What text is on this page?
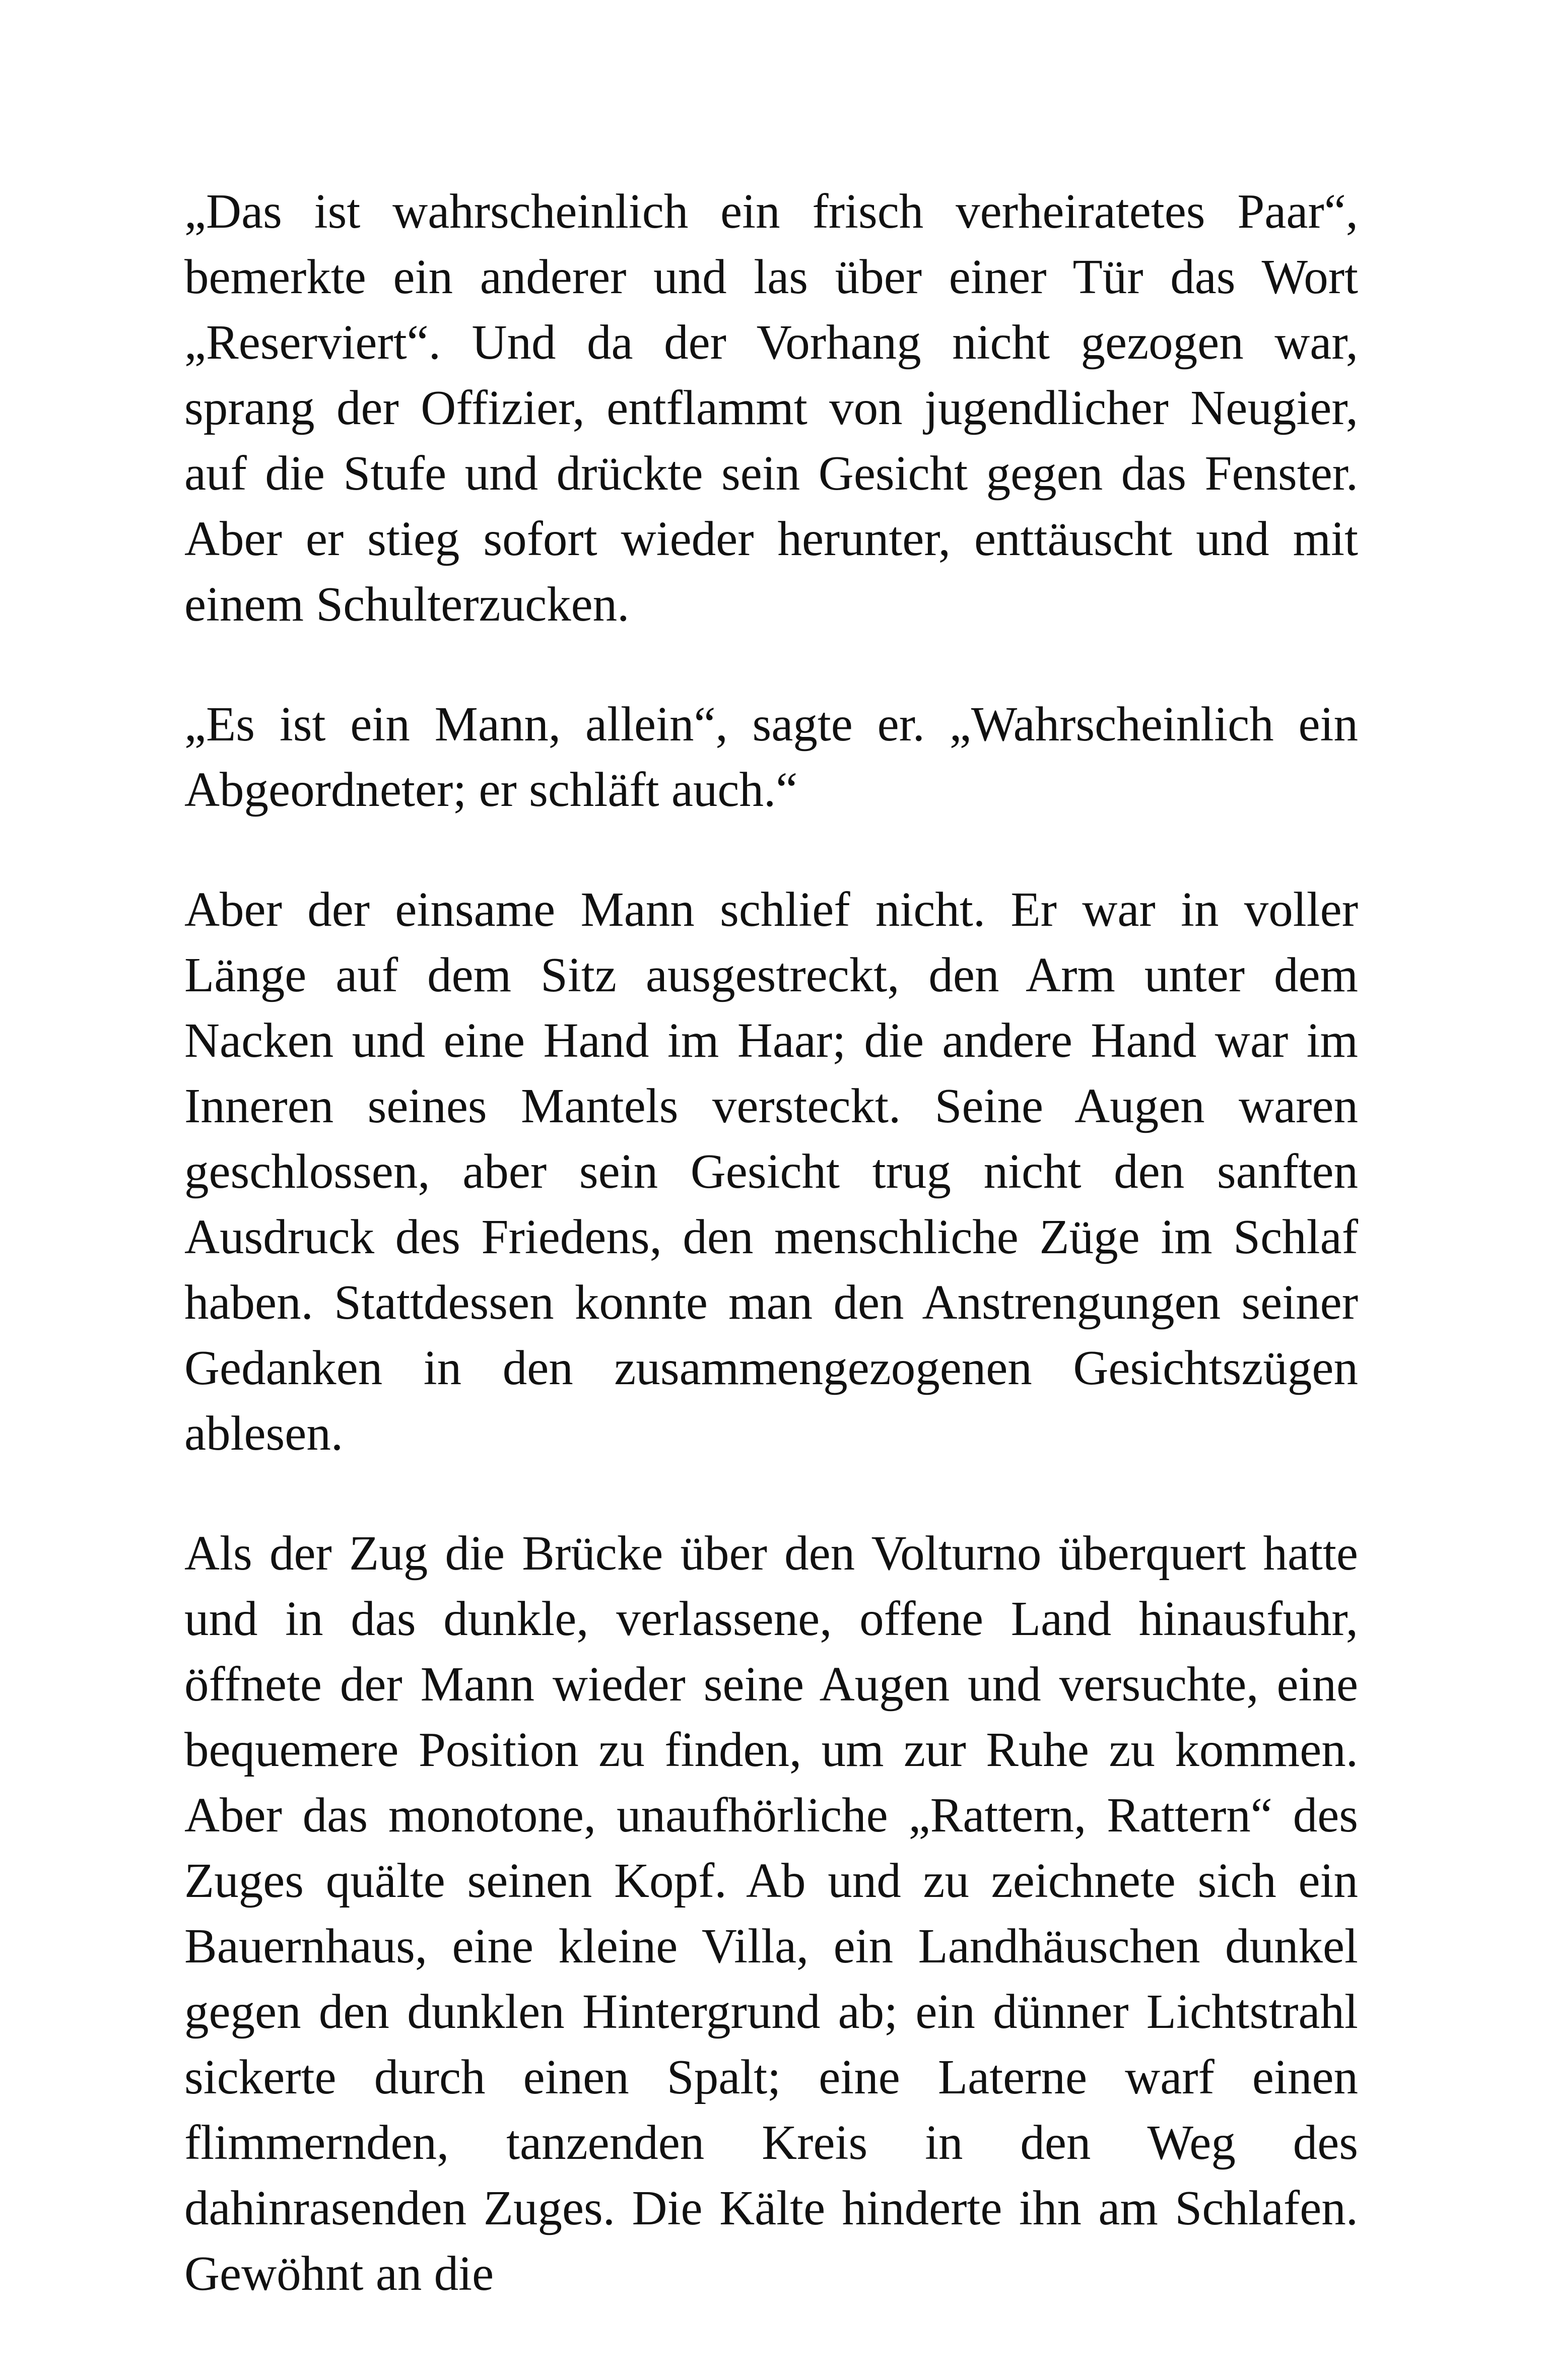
„Das ist wahrscheinlich ein frisch verheiratetes Paar“, bemerkte ein anderer und las über einer Tür das Wort „Reserviert“. Und da der Vorhang nicht gezogen war, sprang der Offizier, entflammt von jugendlicher Neugier, auf die Stufe und drückte sein Gesicht gegen das Fenster. Aber er stieg sofort wieder herunter, enttäuscht und mit einem Schulterzucken.

„Es ist ein Mann, allein“, sagte er. „Wahrscheinlich ein Abgeordneter; er schläft auch.“

Aber der einsame Mann schlief nicht. Er war in voller Länge auf dem Sitz ausgestreckt, den Arm unter dem Nacken und eine Hand im Haar; die andere Hand war im Inneren seines Mantels versteckt. Seine Augen waren geschlossen, aber sein Gesicht trug nicht den sanften Ausdruck des Friedens, den menschliche Züge im Schlaf haben. Stattdessen konnte man den Anstrengungen seiner Gedanken in den zusammengezogenen Gesichtszügen ablesen.

Als der Zug die Brücke über den Volturno überquert hatte und in das dunkle, verlassene, offene Land hinausfuhr, öffnete der Mann wieder seine Augen und versuchte, eine bequemere Position zu finden, um zur Ruhe zu kommen. Aber das monotone, unaufhörliche „Rattern, Rattern“ des Zuges quälte seinen Kopf. Ab und zu zeichnete sich ein Bauernhaus, eine kleine Villa, ein Landhäuschen dunkel gegen den dunklen Hintergrund ab; ein dünner Lichtstrahl sickerte durch einen Spalt; eine Laterne warf einen flimmernden, tanzenden Kreis in den Weg des dahinrasenden Zuges. Die Kälte hinderte ihn am Schlafen. Gewöhnt an die
